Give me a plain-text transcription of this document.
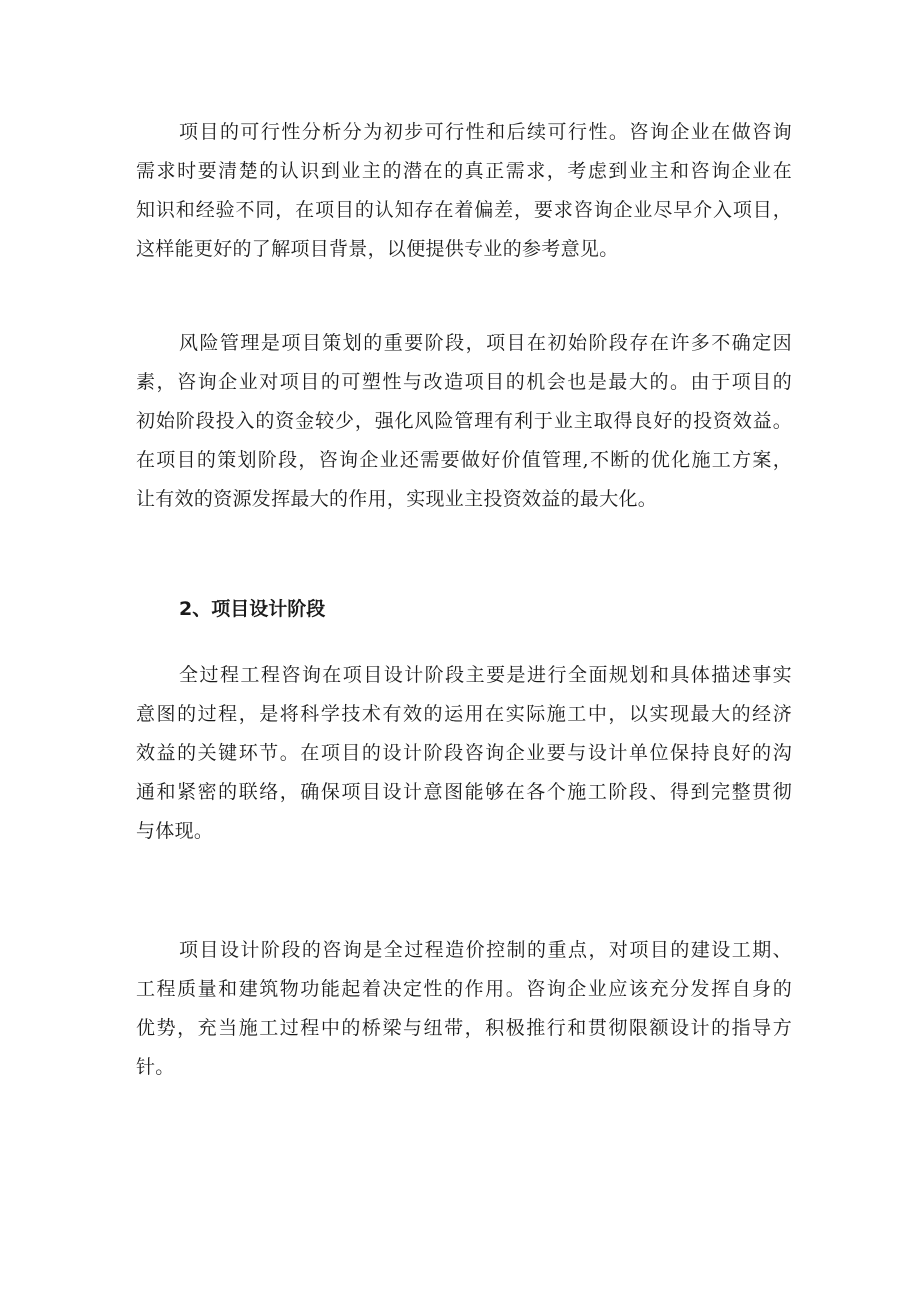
项目的可行性分析分为初步可行性和后续可行性。咨询企业在做咨询
需求时要清楚的认识到业主的潜在的真正需求，考虑到业主和咨询企业在
知识和经验不同，在项目的认知存在着偏差，要求咨询企业尽早介入项目，
这样能更好的了解项目背景，以便提供专业的参考意见。
风险管理是项目策划的重要阶段，项目在初始阶段存在许多不确定因
素，咨询企业对项目的可塑性与改造项目的机会也是最大的。由于项目的
初始阶段投入的资金较少，强化风险管理有利于业主取得良好的投资效益。
在项目的策划阶段，咨询企业还需要做好价值管理,不断的优化施工方案，
让有效的资源发挥最大的作用，实现业主投资效益的最大化。
2、项目设计阶段
全过程工程咨询在项目设计阶段主要是进行全面规划和具体描述事实
意图的过程，是将科学技术有效的运用在实际施工中，以实现最大的经济
效益的关键环节。在项目的设计阶段咨询企业要与设计单位保持良好的沟
通和紧密的联络，确保项目设计意图能够在各个施工阶段、得到完整贯彻
与体现。
项目设计阶段的咨询是全过程造价控制的重点，对项目的建设工期、
工程质量和建筑物功能起着决定性的作用。咨询企业应该充分发挥自身的
优势，充当施工过程中的桥梁与纽带，积极推行和贯彻限额设计的指导方
针。
